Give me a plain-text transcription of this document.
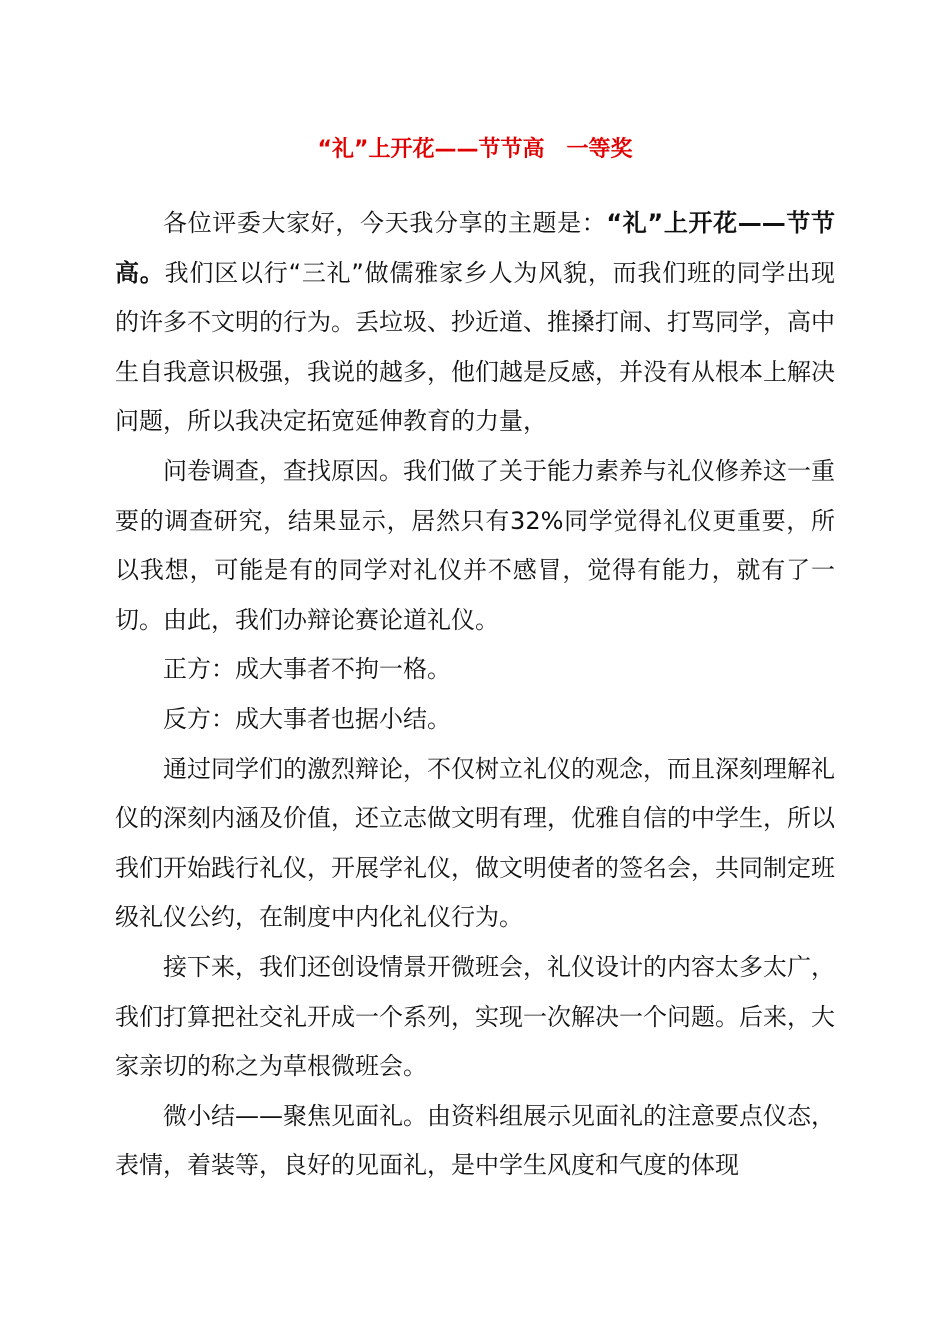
“礼”上开花——节节高　一等奖

各位评委大家好，今天我分享的主题是：“礼”上开花——节节高。我们区以行“三礼”做儒雅家乡人为风貌，而我们班的同学出现的许多不文明的行为。丢垃圾、抄近道、推搡打闹、打骂同学，高中生自我意识极强，我说的越多，他们越是反感，并没有从根本上解决问题，所以我决定拓宽延伸教育的力量，

问卷调查，查找原因。我们做了关于能力素养与礼仪修养这一重要的调查研究，结果显示，居然只有32%同学觉得礼仪更重要，所以我想，可能是有的同学对礼仪并不感冒，觉得有能力，就有了一切。由此，我们办辩论赛论道礼仪。

正方：成大事者不拘一格。

反方：成大事者也据小结。

通过同学们的激烈辩论，不仅树立礼仪的观念，而且深刻理解礼仪的深刻内涵及价值，还立志做文明有理，优雅自信的中学生，所以我们开始践行礼仪，开展学礼仪，做文明使者的签名会，共同制定班级礼仪公约，在制度中内化礼仪行为。

接下来，我们还创设情景开微班会，礼仪设计的内容太多太广，我们打算把社交礼开成一个系列，实现一次解决一个问题。后来，大家亲切的称之为草根微班会。

微小结——聚焦见面礼。由资料组展示见面礼的注意要点仪态，表情，着装等，良好的见面礼，是中学生风度和气度的体现
